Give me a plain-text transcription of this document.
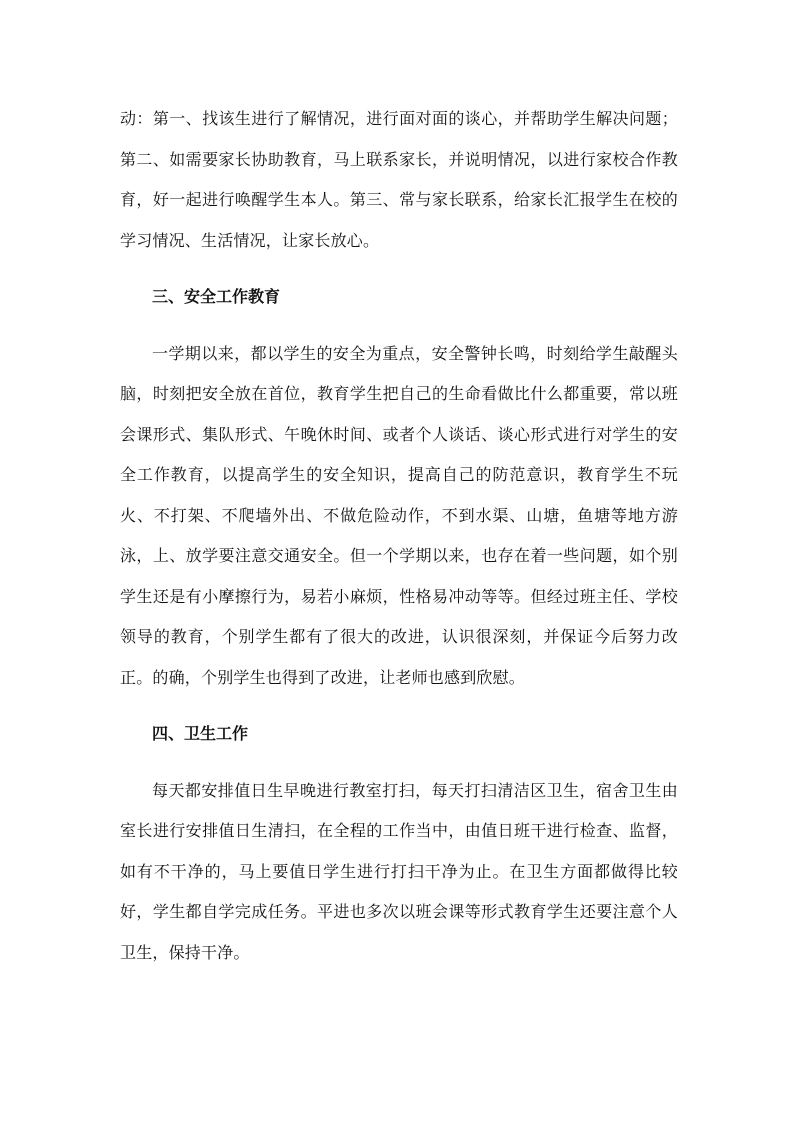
动：第一、找该生进行了解情况，进行面对面的谈心，并帮助学生解决问题；第二、如需要家长协助教育，马上联系家长，并说明情况，以进行家校合作教育，好一起进行唤醒学生本人。第三、常与家长联系，给家长汇报学生在校的学习情况、生活情况，让家长放心。

三、安全工作教育

一学期以来，都以学生的安全为重点，安全警钟长鸣，时刻给学生敲醒头脑，时刻把安全放在首位，教育学生把自己的生命看做比什么都重要，常以班会课形式、集队形式、午晚休时间、或者个人谈话、谈心形式进行对学生的安全工作教育，以提高学生的安全知识，提高自己的防范意识，教育学生不玩火、不打架、不爬墙外出、不做危险动作，不到水渠、山塘，鱼塘等地方游泳，上、放学要注意交通安全。但一个学期以来，也存在着一些问题，如个别学生还是有小摩擦行为，易若小麻烦，性格易冲动等等。但经过班主任、学校领导的教育，个别学生都有了很大的改进，认识很深刻，并保证今后努力改正。的确，个别学生也得到了改进，让老师也感到欣慰。

四、卫生工作

每天都安排值日生早晚进行教室打扫，每天打扫清洁区卫生，宿舍卫生由室长进行安排值日生清扫，在全程的工作当中，由值日班干进行检查、监督，如有不干净的，马上要值日学生进行打扫干净为止。在卫生方面都做得比较好，学生都自学完成任务。平进也多次以班会课等形式教育学生还要注意个人卫生，保持干净。
